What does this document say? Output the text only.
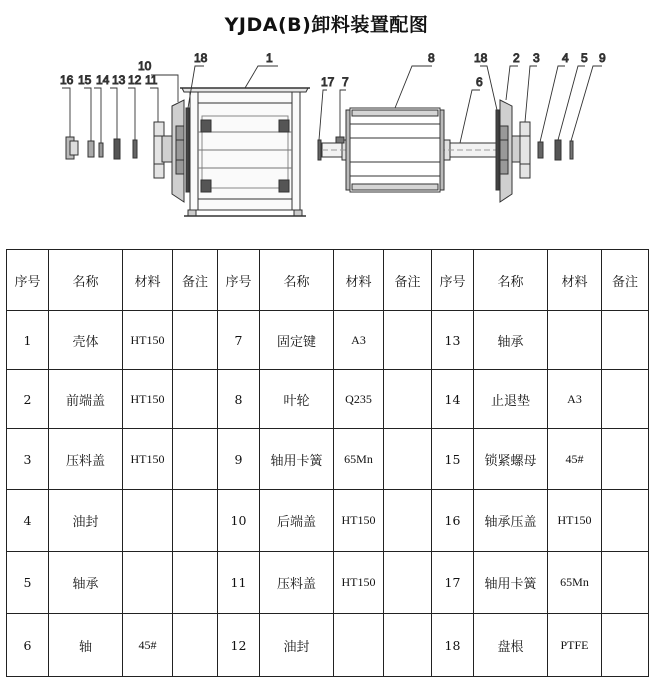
YJDA(B)卸料装置配图
16 15 14 13 12 11
10
18	1
17 7
8
6
18 2 3 4 5 9
序号	名称	材料	备注	序号	名称	材料	备注	序号	名称	材料	备注
1	壳体	HT150		7	固定键	A3		13	轴承		
2	前端盖	HT150		8	叶轮	Q235		14	止退垫	A3	
3	压料盖	HT150		9	轴用卡簧	65Mn		15	锁紧螺母	45#	
4	油封			10	后端盖	HT150		16	轴承压盖	HT150	
5	轴承			11	压料盖	HT150		17	轴用卡簧	65Mn	
6	轴	45#		12	油封			18	盘根	PTFE	
